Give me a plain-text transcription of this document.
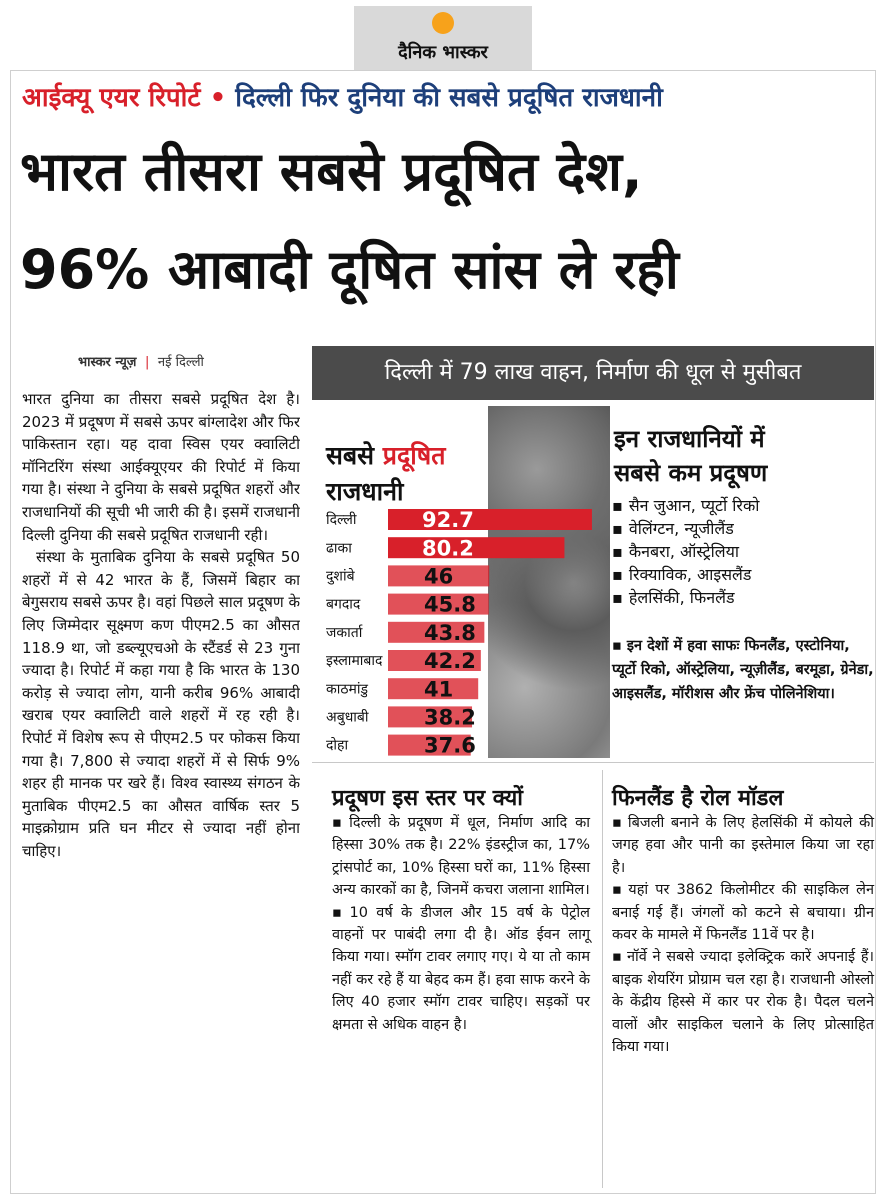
दैनिक भास्कर
आईक्यू एयर रिपोर्ट • दिल्ली फिर दुनिया की सबसे प्रदूषित राजधानी
भारत तीसरा सबसे प्रदूषित देश,
96% आबादी दूषित सांस ले रही
भास्कर न्यूज़ | नई दिल्ली

भारत दुनिया का तीसरा सबसे प्रदूषित देश है। 2023 में प्रदूषण में सबसे ऊपर बांग्लादेश और फिर पाकिस्तान रहा। यह दावा स्विस एयर क्वालिटी मॉनिटरिंग संस्था आईक्यूएयर की रिपोर्ट में किया गया है। संस्था ने दुनिया के सबसे प्रदूषित शहरों और राजधानियों की सूची भी जारी की है। इसमें राजधानी दिल्ली दुनिया की सबसे प्रदूषित राजधानी रही।

संस्था के मुताबिक दुनिया के सबसे प्रदूषित 50 शहरों में से 42 भारत के हैं, जिसमें बिहार का बेगुसराय सबसे ऊपर है। वहां पिछले साल प्रदूषण के लिए जिम्मेदार सूक्ष्मण कण पीएम2.5 का औसत 118.9 था, जो डब्ल्यूएचओ के स्टैंडर्ड से 23 गुना ज्यादा है। रिपोर्ट में कहा गया है कि भारत के 130 करोड़ से ज्यादा लोग, यानी करीब 96% आबादी खराब एयर क्वालिटी वाले शहरों में रह रही है। रिपोर्ट में विशेष रूप से पीएम2.5 पर फोकस किया गया है। 7,800 से ज्यादा शहरों में से सिर्फ 9% शहर ही मानक पर खरे हैं। विश्व स्वास्थ्य संगठन के मुताबिक पीएम2.5 का औसत वार्षिक स्तर 5 माइक्रोग्राम प्रति घन मीटर से ज्यादा नहीं होना चाहिए।

दिल्ली में 79 लाख वाहन, निर्माण की धूल से मुसीबत
सबसे प्रदूषित
राजधानी
दिल्ली	92.7
ढाका	80.2
दुशांबे	46
बगदाद	45.8
जकार्ता	43.8
इस्लामाबाद 42.2
काठमांडु	41
अबुधाबी	38.2
दोहा	37.6
इन राजधानियों में
सबसे कम प्रदूषण
▪ सैन जुआन, प्यूर्टो रिको
▪ वेलिंग्टन, न्यूजीलैंड
▪ कैनबरा, ऑस्ट्रेलिया
▪ रिक्याविक, आइसलैंड
▪ हेलसिंकी, फिनलैंड
▪ इन देशों में हवा साफः फिनलैंड, एस्टोनिया, प्यूर्टो रिको, ऑस्ट्रेलिया, न्यूज़ीलैंड, बरमूडा, ग्रेनेडा, आइसलैंड, मॉरीशस और फ्रेंच पोलिनेशिया।
प्रदूषण इस स्तर पर क्यों

▪ दिल्ली के प्रदूषण में धूल, निर्माण आदि का हिस्सा 30% तक है। 22% इंडस्ट्रीज का, 17% ट्रांसपोर्ट का, 10% हिस्सा घरों का, 11% हिस्सा अन्य कारकों का है, जिनमें कचरा जलाना शामिल।

▪ 10 वर्ष के डीजल और 15 वर्ष के पेट्रोल वाहनों पर पाबंदी लगा दी है। ऑड ईवन लागू किया गया। स्मॉग टावर लगाए गए। ये या तो काम नहीं कर रहे हैं या बेहद कम हैं। हवा साफ करने के लिए 40 हजार स्मॉग टावर चाहिए। सड़कों पर क्षमता से अधिक वाहन है।

फिनलैंड है रोल मॉडल

▪ बिजली बनाने के लिए हेलसिंकी में कोयले की जगह हवा और पानी का इस्तेमाल किया जा रहा है।

▪ यहां पर 3862 किलोमीटर की साइकिल लेन बनाई गई हैं। जंगलों को कटने से बचाया। ग्रीन कवर के मामले में फिनलैंड 11वें पर है।

▪ नॉर्वे ने सबसे ज्यादा इलेक्ट्रिक कारें अपनाई हैं। बाइक शेयरिंग प्रोग्राम चल रहा है। राजधानी ओस्लो के केंद्रीय हिस्से में कार पर रोक है। पैदल चलने वालों और साइकिल चलाने के लिए प्रोत्साहित किया गया।
